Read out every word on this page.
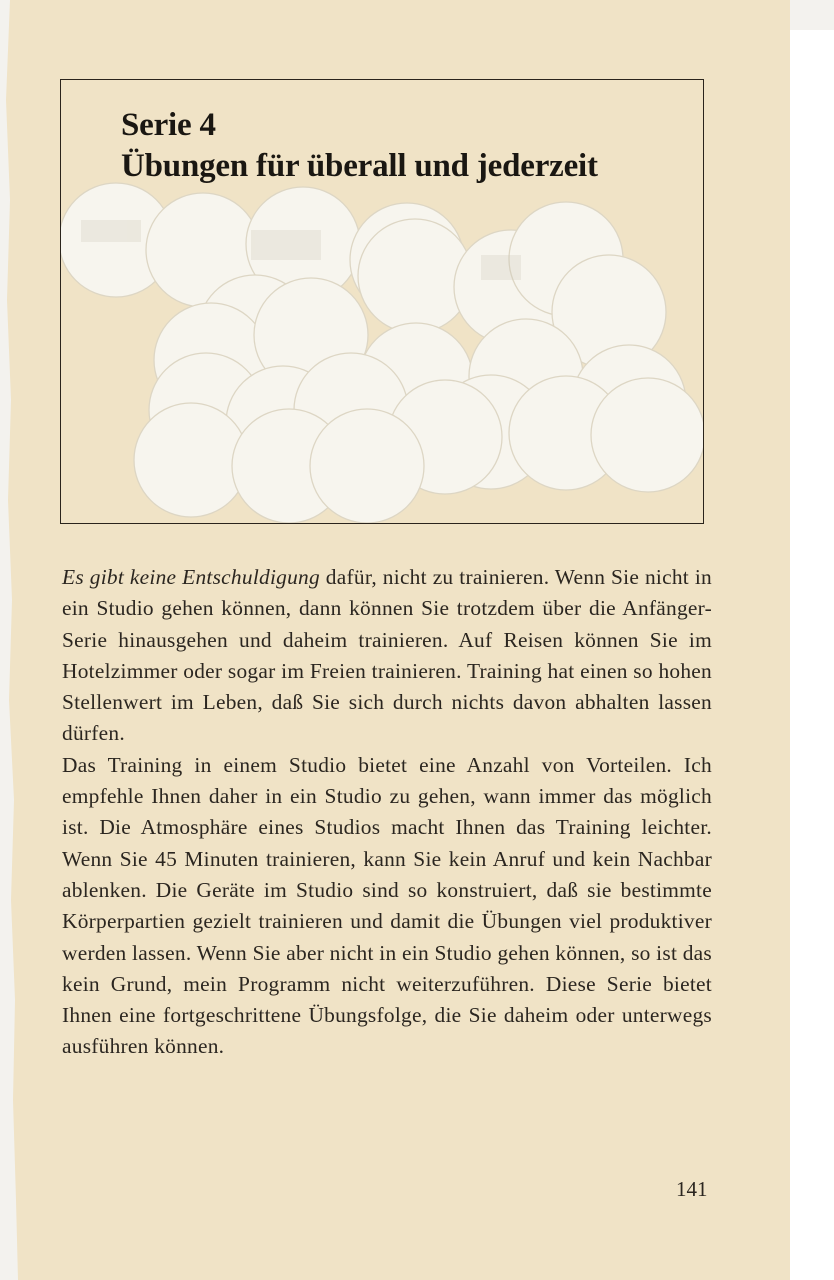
Serie 4
Übungen für überall und jederzeit

Es gibt keine Entschuldigung dafür, nicht zu trainieren. Wenn Sie nicht in ein Studio gehen können, dann können Sie trotzdem über die Anfänger-Serie hinausgehen und daheim trainieren. Auf Reisen können Sie im Hotelzimmer oder sogar im Freien trainieren. Training hat einen so hohen Stellenwert im Leben, daß Sie sich durch nichts davon abhalten lassen dürfen.

Das Training in einem Studio bietet eine Anzahl von Vorteilen. Ich empfehle Ihnen daher in ein Studio zu gehen, wann immer das möglich ist. Die Atmosphäre eines Studios macht Ihnen das Training leichter. Wenn Sie 45 Minuten trainieren, kann Sie kein Anruf und kein Nachbar ablenken. Die Geräte im Studio sind so konstruiert, daß sie bestimmte Körperpartien gezielt trainieren und damit die Übungen viel produktiver werden lassen. Wenn Sie aber nicht in ein Studio gehen können, so ist das kein Grund, mein Programm nicht weiterzuführen. Diese Serie bietet Ihnen eine fortgeschrittene Übungsfolge, die Sie daheim oder unterwegs ausführen können.

141
